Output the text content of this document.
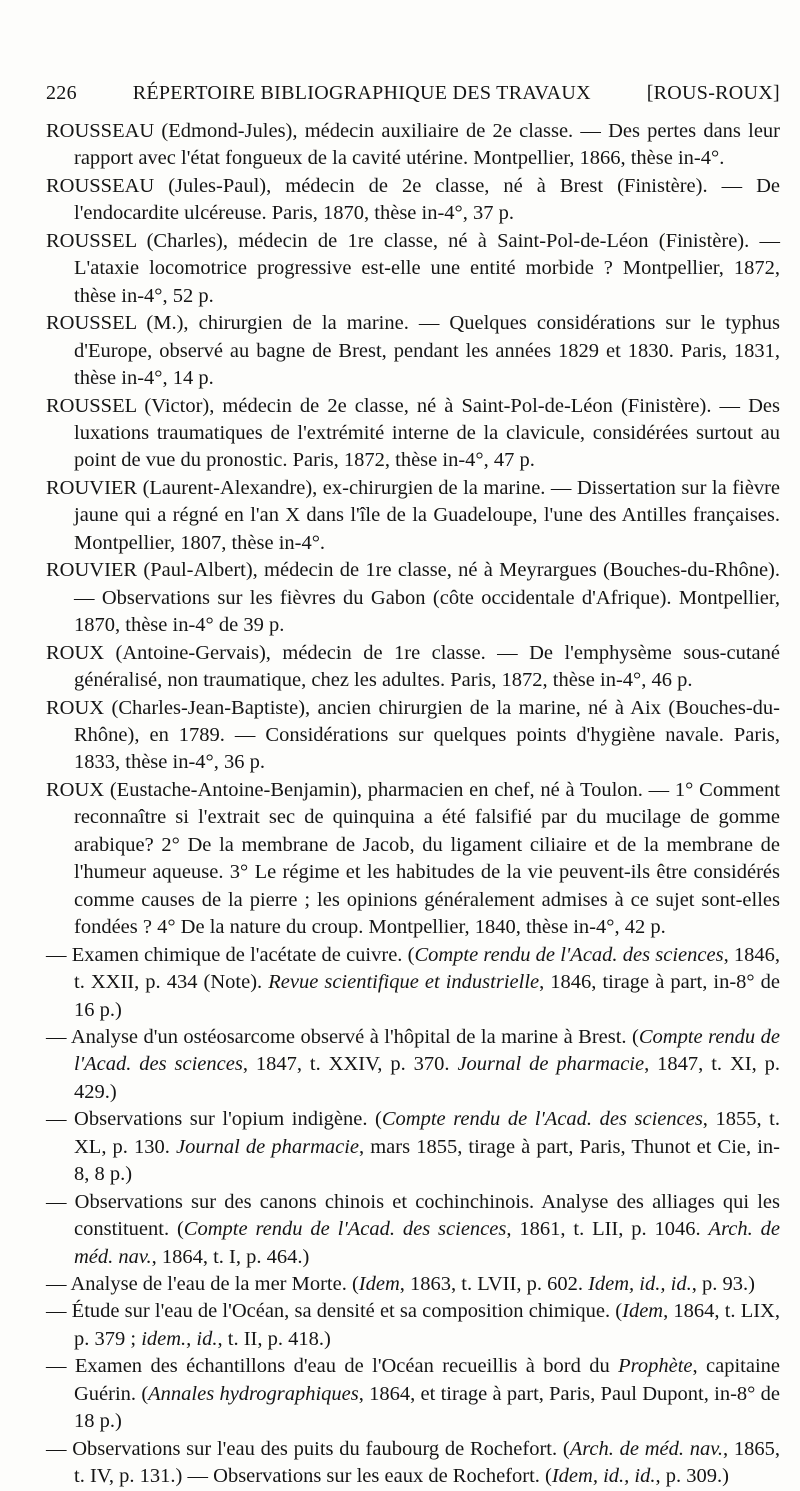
226	RÉPERTOIRE BIBLIOGRAPHIQUE DES TRAVAUX	[ROUS-ROUX]

ROUSSEAU (Edmond-Jules), médecin auxiliaire de 2e classe. — Des pertes dans leur rapport avec l'état fongueux de la cavité utérine. Montpellier, 1866, thèse in-4°.

ROUSSEAU (Jules-Paul), médecin de 2e classe, né à Brest (Finistère). — De l'endocardite ulcéreuse. Paris, 1870, thèse in-4°, 37 p.

ROUSSEL (Charles), médecin de 1re classe, né à Saint-Pol-de-Léon (Finistère). — L'ataxie locomotrice progressive est-elle une entité morbide ? Montpellier, 1872, thèse in-4°, 52 p.

ROUSSEL (M.), chirurgien de la marine. — Quelques considérations sur le typhus d'Europe, observé au bagne de Brest, pendant les années 1829 et 1830. Paris, 1831, thèse in-4°, 14 p.

ROUSSEL (Victor), médecin de 2e classe, né à Saint-Pol-de-Léon (Finistère). — Des luxations traumatiques de l'extrémité interne de la clavicule, considérées surtout au point de vue du pronostic. Paris, 1872, thèse in-4°, 47 p.

ROUVIER (Laurent-Alexandre), ex-chirurgien de la marine. — Dissertation sur la fièvre jaune qui a régné en l'an X dans l'île de la Guadeloupe, l'une des Antilles françaises. Montpellier, 1807, thèse in-4°.

ROUVIER (Paul-Albert), médecin de 1re classe, né à Meyrargues (Bouches-du-Rhône). — Observations sur les fièvres du Gabon (côte occidentale d'Afrique). Montpellier, 1870, thèse in-4° de 39 p.

ROUX (Antoine-Gervais), médecin de 1re classe. — De l'emphysème sous-cutané généralisé, non traumatique, chez les adultes. Paris, 1872, thèse in-4°, 46 p.

ROUX (Charles-Jean-Baptiste), ancien chirurgien de la marine, né à Aix (Bouches-du-Rhône), en 1789. — Considérations sur quelques points d'hygiène navale. Paris, 1833, thèse in-4°, 36 p.

ROUX (Eustache-Antoine-Benjamin), pharmacien en chef, né à Toulon. — 1° Comment reconnaître si l'extrait sec de quinquina a été falsifié par du mucilage de gomme arabique? 2° De la membrane de Jacob, du ligament ciliaire et de la membrane de l'humeur aqueuse. 3° Le régime et les habitudes de la vie peuvent-ils être considérés comme causes de la pierre ; les opinions généralement admises à ce sujet sont-elles fondées ? 4° De la nature du croup. Montpellier, 1840, thèse in-4°, 42 p.

— Examen chimique de l'acétate de cuivre. (Compte rendu de l'Acad. des sciences, 1846, t. XXII, p. 434 (Note). Revue scientifique et industrielle, 1846, tirage à part, in-8° de 16 p.)

— Analyse d'un ostéosarcome observé à l'hôpital de la marine à Brest. (Compte rendu de l'Acad. des sciences, 1847, t. XXIV, p. 370. Journal de pharmacie, 1847, t. XI, p. 429.)

— Observations sur l'opium indigène. (Compte rendu de l'Acad. des sciences, 1855, t. XL, p. 130. Journal de pharmacie, mars 1855, tirage à part, Paris, Thunot et Cie, in-8, 8 p.)

— Observations sur des canons chinois et cochinchinois. Analyse des alliages qui les constituent. (Compte rendu de l'Acad. des sciences, 1861, t. LII, p. 1046. Arch. de méd. nav., 1864, t. I, p. 464.)

— Analyse de l'eau de la mer Morte. (Idem, 1863, t. LVII, p. 602. Idem, id., id., p. 93.)

— Étude sur l'eau de l'Océan, sa densité et sa composition chimique. (Idem, 1864, t. LIX, p. 379 ; idem., id., t. II, p. 418.)

— Examen des échantillons d'eau de l'Océan recueillis à bord du Prophète, capitaine Guérin. (Annales hydrographiques, 1864, et tirage à part, Paris, Paul Dupont, in-8° de 18 p.)

— Observations sur l'eau des puits du faubourg de Rochefort. (Arch. de méd. nav., 1865, t. IV, p. 131.) — Observations sur les eaux de Rochefort. (Idem, id., id., p. 309.)
